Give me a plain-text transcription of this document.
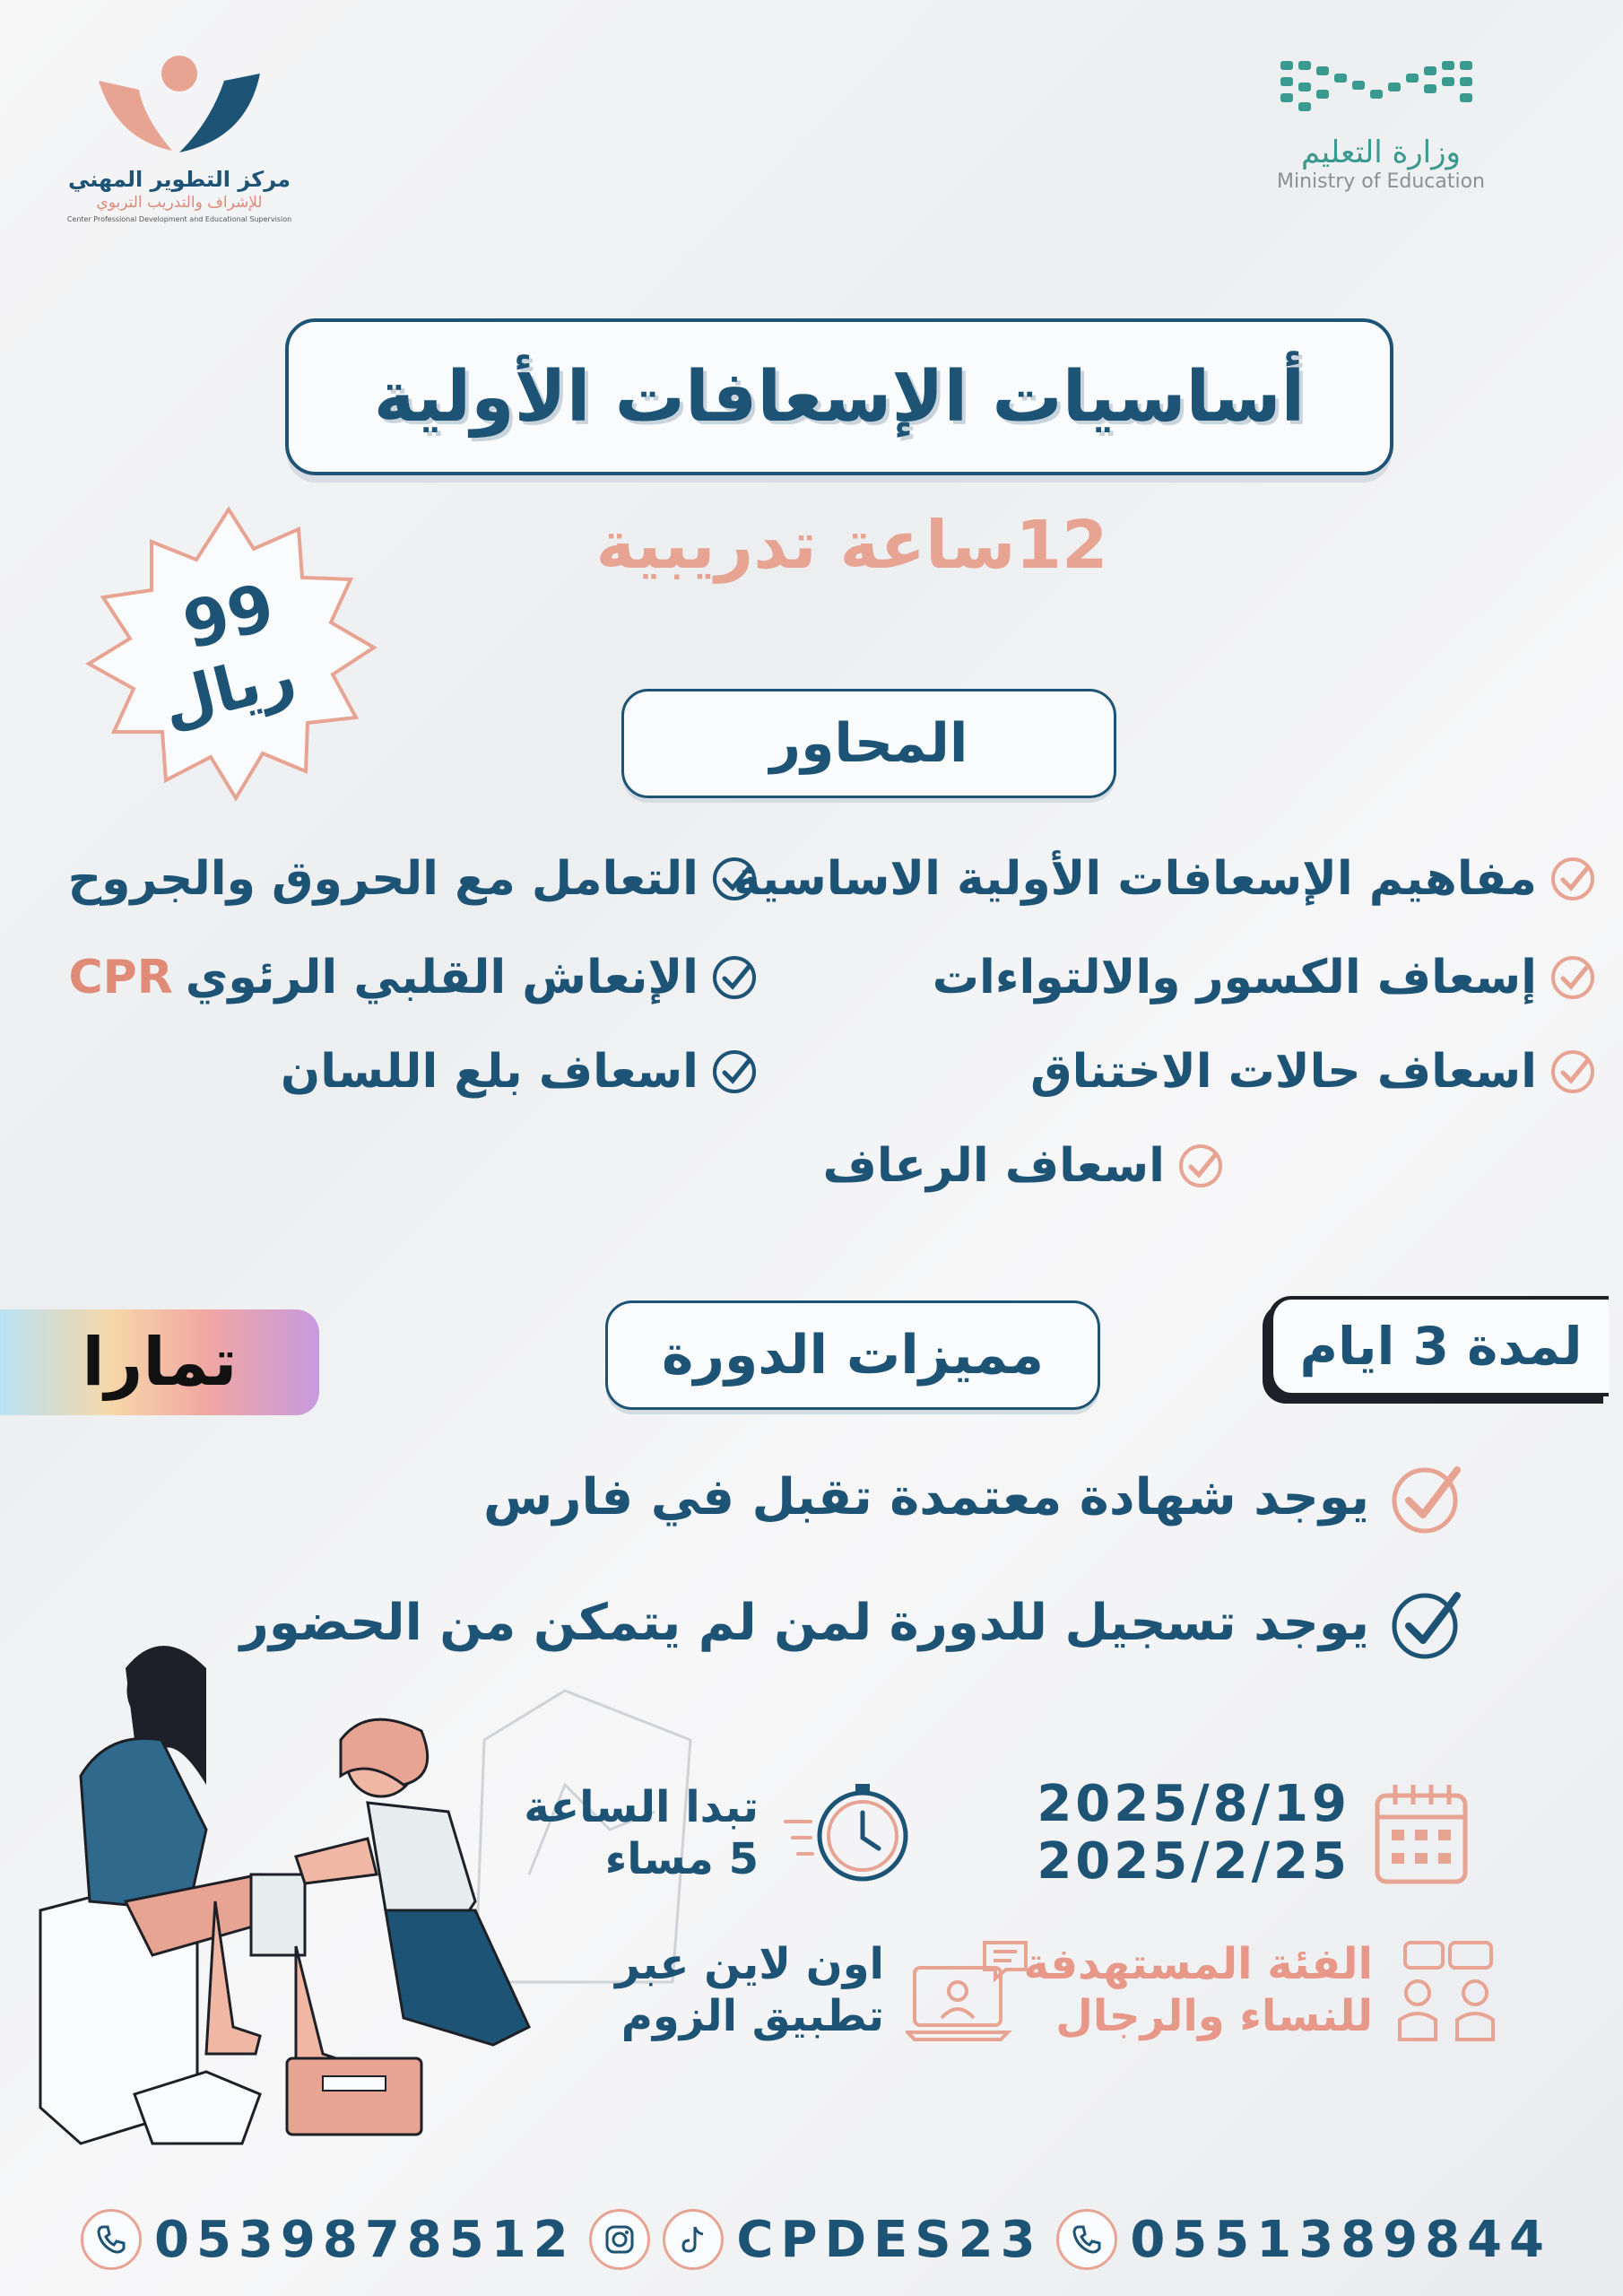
مركز التطوير المهني
للإشراف والتدريب التربوي
Center Professional Development and Educational Supervision
وزارة التعليم
Ministry of Education
أساسيات الإسعافات الأولية
12ساعة تدريبية
99
ريال
المحاور
مفاهيم الإسعافات الأولية الاساسية
إسعاف الكسور والالتواءات
اسعاف حالات الاختناق
التعامل مع الحروق والجروح
الإنعاش القلبي الرئوي
CPR
اسعاف بلع اللسان
اسعاف الرعاف
لمدة 3 ايام
مميزات الدورة
تمارا
يوجد شهادة معتمدة تقبل في فارس
يوجد تسجيل للدورة لمن لم يتمكن من الحضور
2025/8/19
2025/2/25
تبدا الساعة
5 مساء
الفئة المستهدفة
للنساء والرجال
اون لاين عبر
تطبيق الزوم
0539878512	CPDES23 0551389844
